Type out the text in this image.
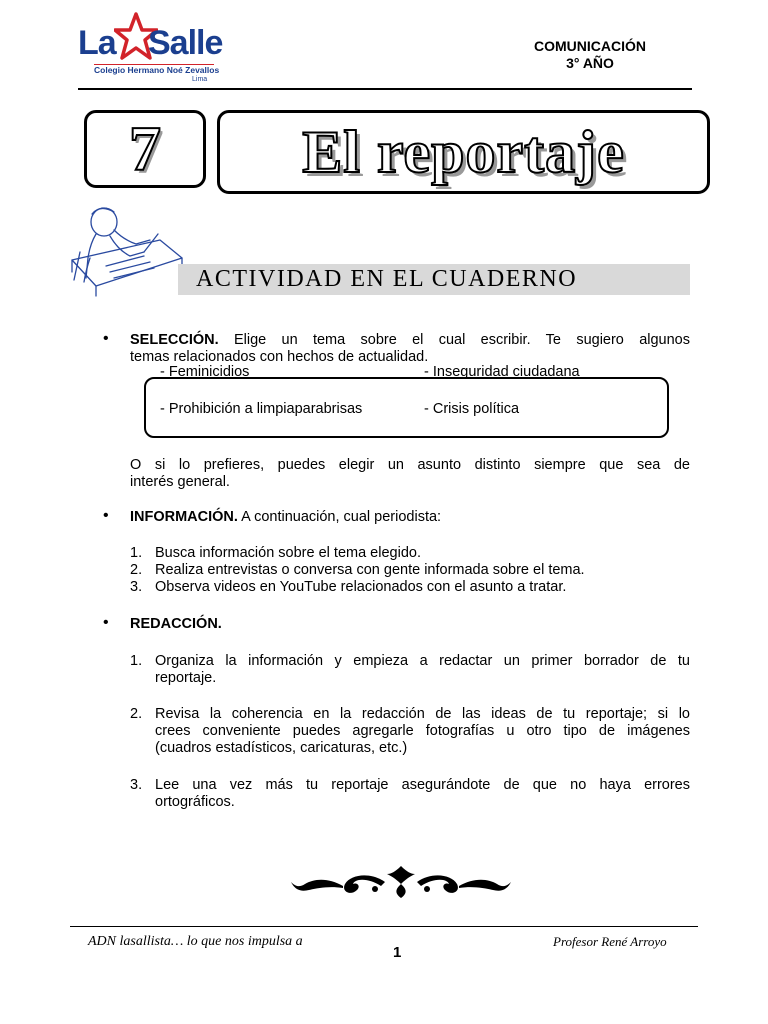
La Salle
Colegio Hermano Noé Zevallos
Lima
COMUNICACIÓN
3° AÑO
7	El reportaje
ACTIVIDAD EN EL CUADERNO
• SELECCIÓN. Elige un tema sobre el cual escribir. Te sugiero algunos
temas relacionados con hechos de actualidad.
- Feminicidios	- Inseguridad ciudadana
- Prohibición a limpiaparabrisas	- Crisis política
O si lo prefieres, puedes elegir un asunto distinto siempre que sea de
interés general.
• INFORMACIÓN. A continuación, cual periodista:
1. Busca información sobre el tema elegido.
2. Realiza entrevistas o conversa con gente informada sobre el tema.
3. Observa videos en YouTube relacionados con el asunto a tratar.
• REDACCIÓN.
1. Organiza la información y empieza a redactar un primer borrador de tu
reportaje.
2. Revisa la coherencia en la redacción de las ideas de tu reportaje; si lo
crees conveniente puedes agregarle fotografías u otro tipo de imágenes
(cuadros estadísticos, caricaturas, etc.)
3. Lee una vez más tu reportaje asegurándote de que no haya errores
ortográficos.
ADN lasallista… lo que nos impulsa a	Profesor René Arroyo
1
